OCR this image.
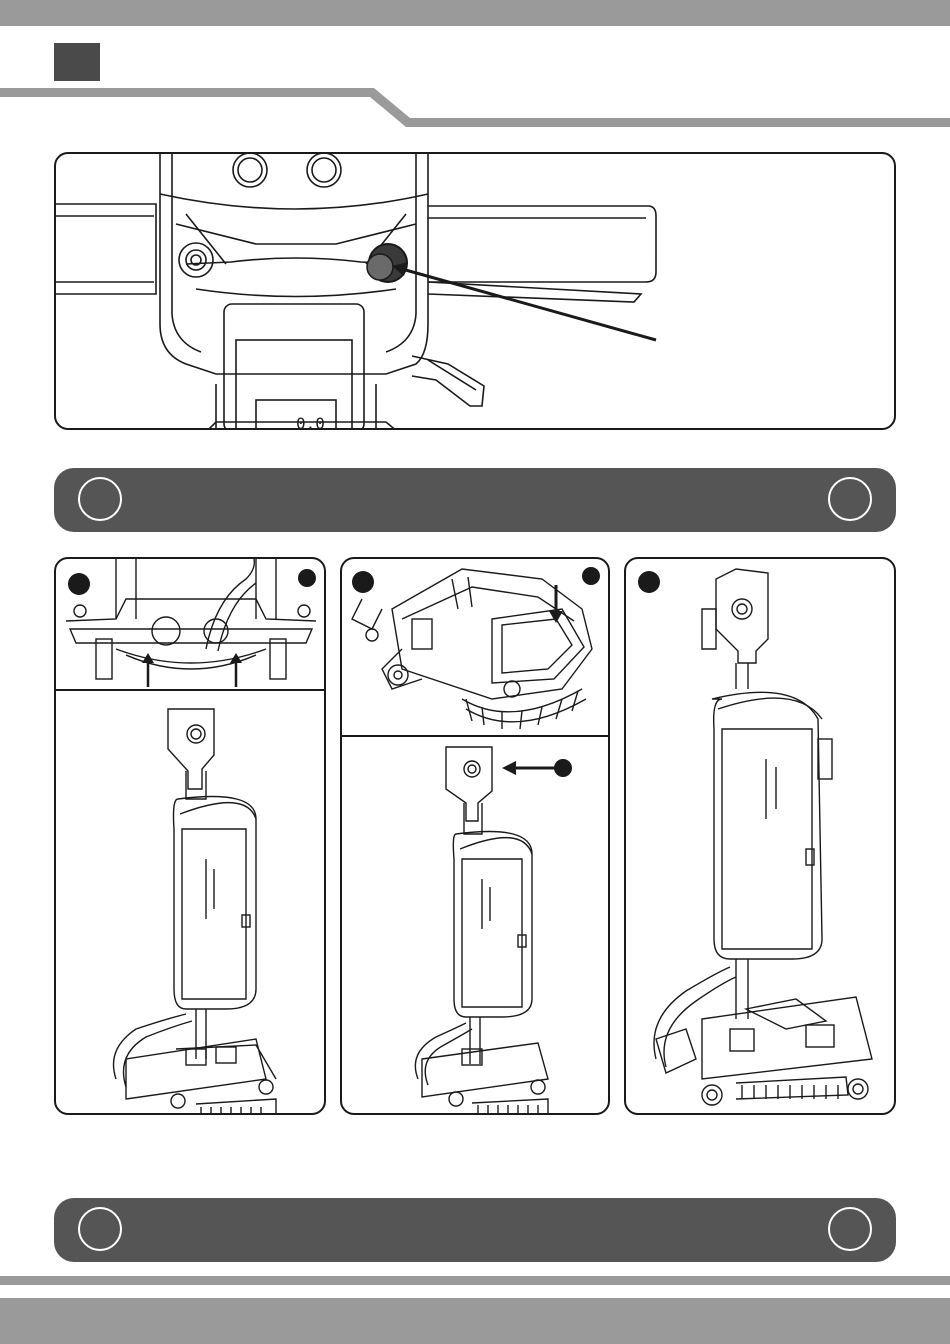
0.0
